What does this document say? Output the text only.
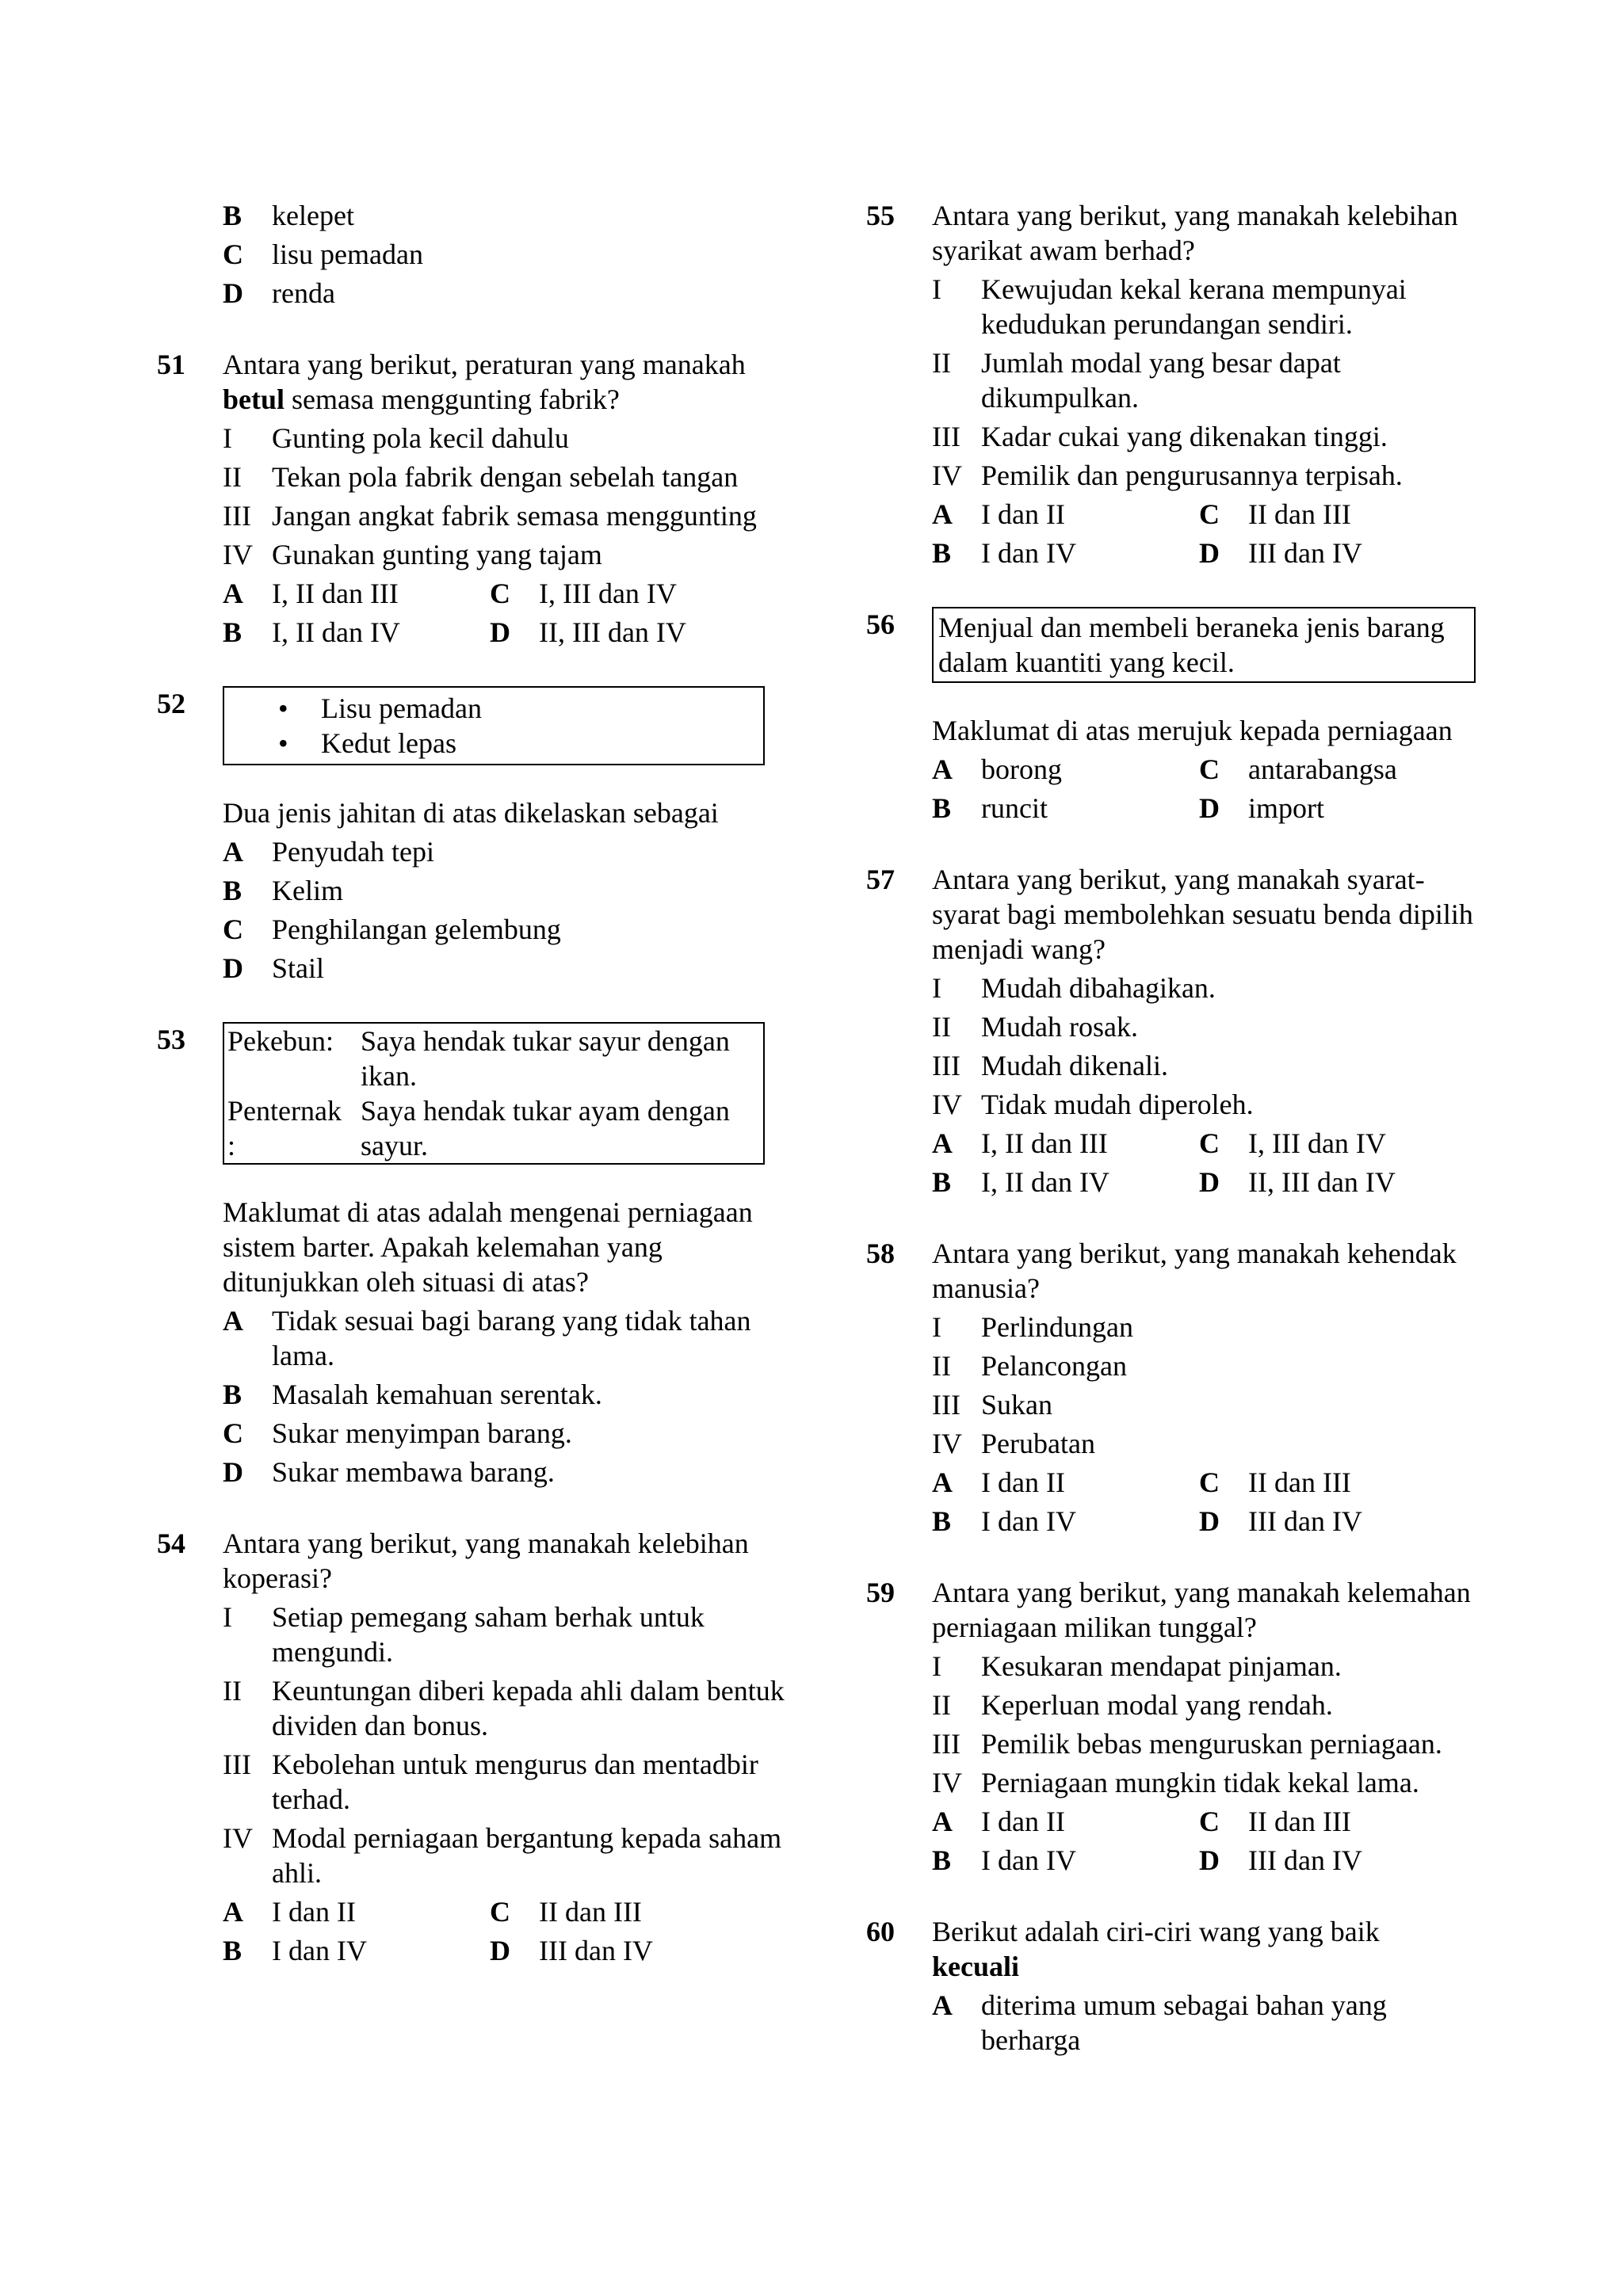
B kelepet
C lisu pemadan
D renda
51 Antara yang berikut, peraturan yang manakah betul semasa menggunting fabrik?
I Gunting pola kecil dahulu
II Tekan pola fabrik dengan sebelah tangan
III Jangan angkat fabrik semasa menggunting
IV Gunakan gunting yang tajam
A I, II dan III	C I, III dan IV
B I, II dan IV	D II, III dan IV
52	• Lisu pemadan
• Kedut lepas
Dua jenis jahitan di atas dikelaskan sebagai
A Penyudah tepi
B Kelim
C Penghilangan gelembung
D Stail
53 Pekebun:	Saya hendak tukar sayur dengan ikan.
Penternak :	Saya hendak tukar ayam dengan sayur.
Maklumat di atas adalah mengenai perniagaan sistem barter. Apakah kelemahan yang ditunjukkan oleh situasi di atas?
A Tidak sesuai bagi barang yang tidak tahan lama.
B Masalah kemahuan serentak.
C Sukar menyimpan barang.
D Sukar membawa barang.
54 Antara yang berikut, yang manakah kelebihan koperasi?
I Setiap pemegang saham berhak untuk mengundi.
II Keuntungan diberi kepada ahli dalam bentuk dividen dan bonus.
III Kebolehan untuk mengurus dan mentadbir terhad.
IV Modal perniagaan bergantung kepada saham ahli.
A I dan II	C II dan III
B I dan IV	D III dan IV
55 Antara yang berikut, yang manakah kelebihan syarikat awam berhad?
I Kewujudan kekal kerana mempunyai kedudukan perundangan sendiri.
II Jumlah modal yang besar dapat dikumpulkan.
III Kadar cukai yang dikenakan tinggi.
IV Pemilik dan pengurusannya terpisah.
A I dan II	C II dan III
B I dan IV	D III dan IV
56 Menjual dan membeli beraneka jenis barang dalam kuantiti yang kecil.
Maklumat di atas merujuk kepada perniagaan
A borong	C antarabangsa
B runcit	D import
57 Antara yang berikut, yang manakah syarat-syarat bagi membolehkan sesuatu benda dipilih menjadi wang?
I Mudah dibahagikan.
II Mudah rosak.
III Mudah dikenali.
IV Tidak mudah diperoleh.
A I, II dan III	C I, III dan IV
B I, II dan IV	D II, III dan IV
58 Antara yang berikut, yang manakah kehendak manusia?
I Perlindungan
II Pelancongan
III Sukan
IV Perubatan
A I dan II	C II dan III
B I dan IV	D III dan IV
59 Antara yang berikut, yang manakah kelemahan perniagaan milikan tunggal?
I Kesukaran mendapat pinjaman.
II Keperluan modal yang rendah.
III Pemilik bebas menguruskan perniagaan.
IV Perniagaan mungkin tidak kekal lama.
A I dan II	C II dan III
B I dan IV	D III dan IV
60 Berikut adalah ciri-ciri wang yang baik
kecuali
A diterima umum sebagai bahan yang berharga
